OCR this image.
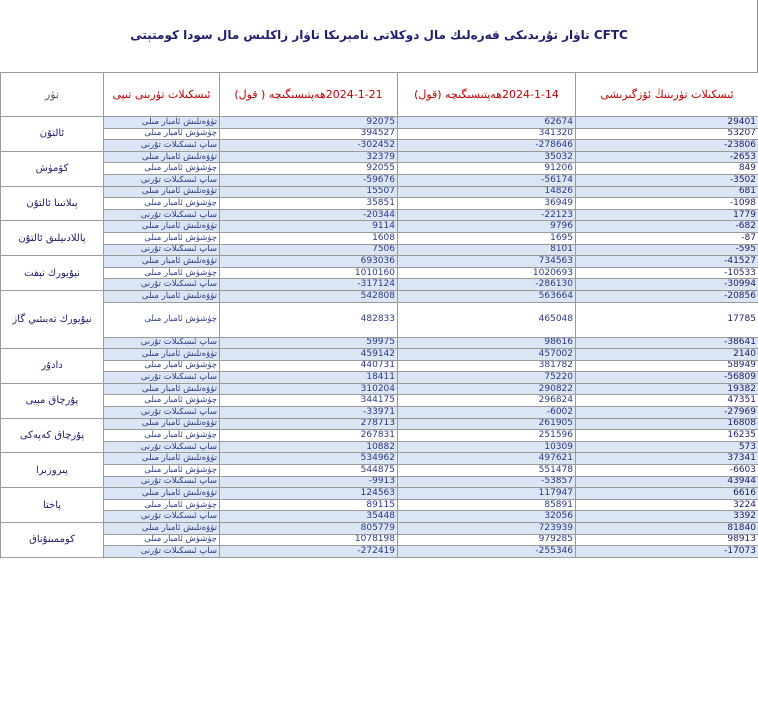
CFTC تاۋار تۇرىدىكى قەرەلىك مال دوكلاتى نامېرىكا تاۋار زاكلىس مال سودا كومتېتى
تۈر	ئىسكىلات تۈرىنى تىپى	2024-1-21ھەپتىسىگىچە ( قول)	2024-1-14ھەپتىسىگىچە (قول)	ئىسكىلات تۈرىنىڭ ئۆزگىرىشى
ئالتۇن	تۈۋەنلىش ئامبار مىلى	92075	62674	29401
	چۈشۈش ئامبار مىلى	394527	341320	53207
	ساپ ئىسكىلات تۇرنى	-302452	-278646	-23806
كۆمۈش	تۈۋەنلىش ئامبار مىلى	32379	35032	-2653
	چۈشۈش ئامبار مىلى	92055	91206	849
	ساپ ئىسكىلات تۇرنى	-59676	-56174	-3502
پىلاتىنا ئالتۇن	تۈۋەنلىش ئامبار مىلى	15507	14826	681
	چۈشۈش ئامبار مىلى	35851	36949	-1098
	ساپ ئىسكىلات تۇرنى	-20344	-22123	1779
پاللادىيلىق ئالتۇن	تۈۋەنلىش ئامبار مىلى	9114	9796	-682
	چۈشۈش ئامبار مىلى	1608	1695	-87
	ساپ ئىسكىلات تۇرنى	7506	8101	-595
نيۇيورك نېفت	تۈۋەنلىش ئامبار مىلى	693036	734563	-41527
	چۈشۈش ئامبار مىلى	1010160	1020693	-10533
	ساپ ئىسكىلات تۇرنى	-317124	-286130	-30994
نيۇيورك تەبىئىي گاز	تۈۋەنلىش ئامبار مىلى	542808	563664	-20856
	چۈشۈش ئامبار مىلى	482833	465048	17785
	ساپ ئىسكىلات تۇرنى	59975	98616	-38641
دادۇر	تۈۋەنلىش ئامبار مىلى	459142	457002	2140
	چۈشۈش ئامبار مىلى	440731	381782	58949
	ساپ ئىسكىلات تۇرنى	18411	75220	-56809
پۇرچاق مېيى	تۈۋەنلىش ئامبار مىلى	310204	290822	19382
	چۈشۈش ئامبار مىلى	344175	296824	47351
	ساپ ئىسكىلات تۇرنى	-33971	-6002	-27969
پۇرچاق كەپەكى	تۈۋەنلىش ئامبار مىلى	278713	261905	16808
	چۈشۈش ئامبار مىلى	267831	251596	16235
	ساپ ئىسكىلات تۇرنى	10882	10309	573
پىروزىرا	تۈۋەنلىش ئامبار مىلى	534962	497621	37341
	چۈشۈش ئامبار مىلى	544875	551478	-6603
	ساپ ئىسكىلات تۇرنى	-9913	-53857	43944
پاختا	تۈۋەنلىش ئامبار مىلى	124563	117947	6616
	چۈشۈش ئامبار مىلى	89115	85891	3224
	ساپ ئىسكىلات تۇرنى	35448	32056	3392
كوممىنۇناق	تۈۋەنلىش ئامبار مىلى	805779	723939	81840
	چۈشۈش ئامبار مىلى	1078198	979285	98913
	ساپ ئىسكىلات تۇرنى	-272419	-255346	-17073
